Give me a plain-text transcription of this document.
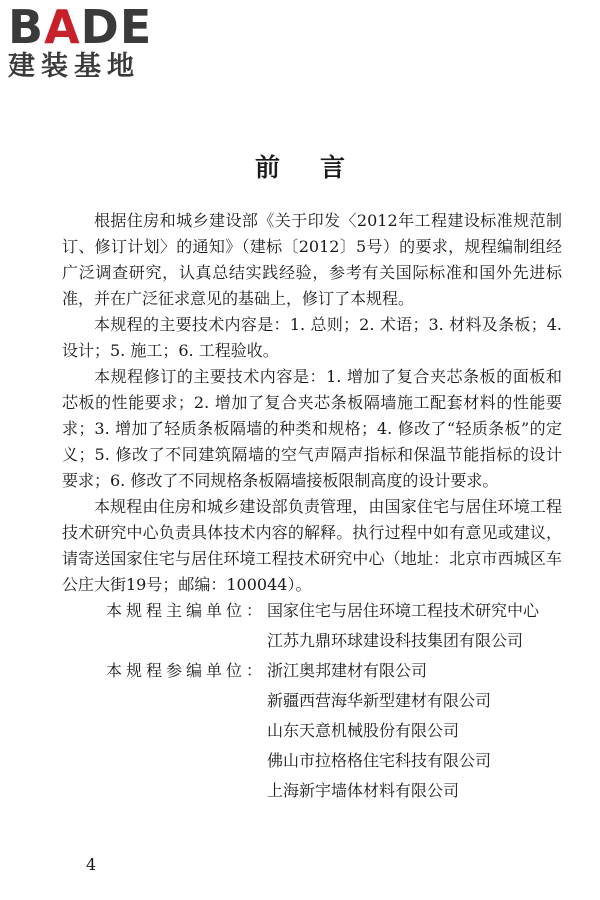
BADE
建装基地
前言

根据住房和城乡建设部《关于印发〈2012年工程建设标准规范制订、修订计划〉的通知》（建标〔2012〕5号）的要求，规程编制组经广泛调查研究，认真总结实践经验，参考有关国际标准和国外先进标准，并在广泛征求意见的基础上，修订了本规程。

本规程的主要技术内容是：1. 总则；2. 术语；3. 材料及条板；4. 设计；5. 施工；6. 工程验收。

本规程修订的主要技术内容是：1. 增加了复合夹芯条板的面板和芯板的性能要求；2. 增加了复合夹芯条板隔墙施工配套材料的性能要求；3. 增加了轻质条板隔墙的种类和规格；4. 修改了“轻质条板”的定义；5. 修改了不同建筑隔墙的空气声隔声指标和保温节能指标的设计要求；6. 修改了不同规格条板隔墙接板限制高度的设计要求。

本规程由住房和城乡建设部负责管理，由国家住宅与居住环境工程技术研究中心负责具体技术内容的解释。执行过程中如有意见或建议，请寄送国家住宅与居住环境工程技术研究中心（地址：北京市西城区车公庄大街19号；邮编：100044）。

本规程主编单位： 国家住宅与居住环境工程技术研究中心
江苏九鼎环球建设科技集团有限公司
本规程参编单位： 浙江奥邦建材有限公司
新疆西营海华新型建材有限公司
山东天意机械股份有限公司
佛山市拉格格住宅科技有限公司
上海新宇墙体材料有限公司
4
